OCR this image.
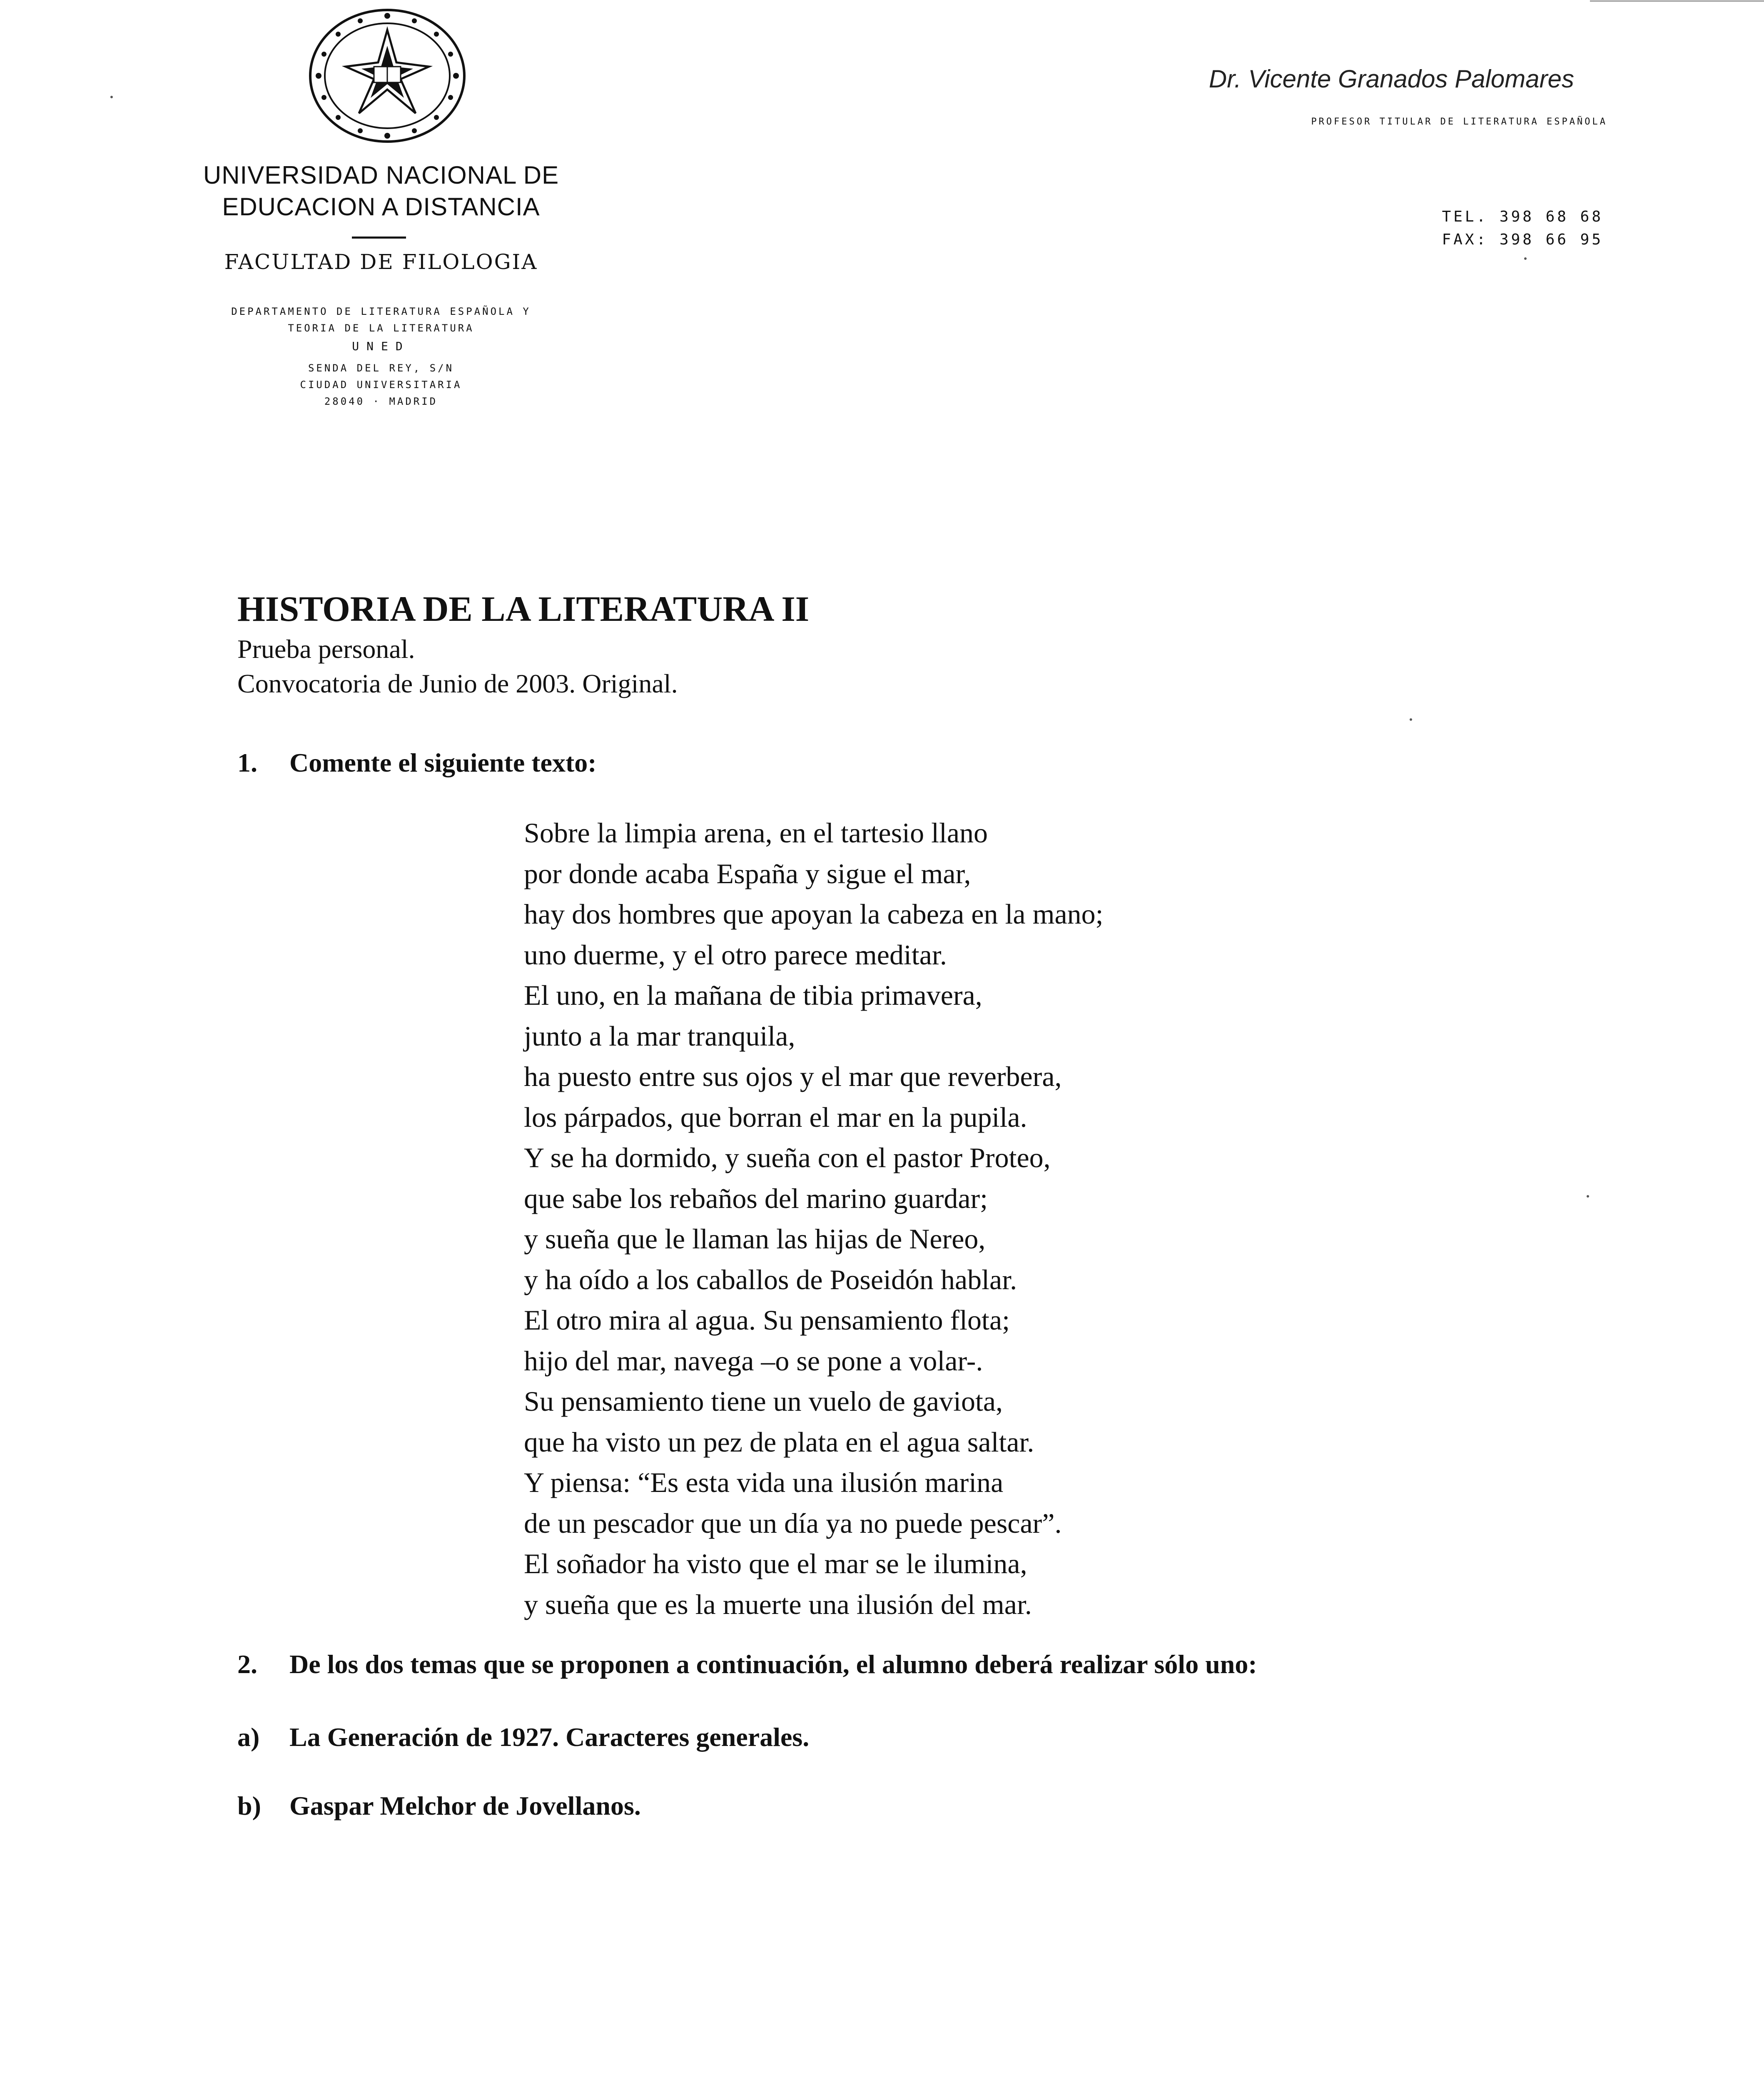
UNIVERSIDAD NACIONAL DE
EDUCACION A DISTANCIA
FACULTAD DE FILOLOGIA
DEPARTAMENTO DE LITERATURA ESPAÑOLA Y
TEORIA DE LA LITERATURA
UNED
SENDA DEL REY, S/N
CIUDAD UNIVERSITARIA
28040 · MADRID
Dr. Vicente Granados Palomares
PROFESOR TITULAR DE LITERATURA ESPAÑOLA
TEL. 398 68 68
FAX: 398 66 95
HISTORIA DE LA LITERATURA II
Prueba personal.
Convocatoria de Junio de 2003. Original.
1. Comente el siguiente texto:
Sobre la limpia arena, en el tartesio llano
por donde acaba España y sigue el mar,
hay dos hombres que apoyan la cabeza en la mano;
uno duerme, y el otro parece meditar.
El uno, en la mañana de tibia primavera,
junto a la mar tranquila,
ha puesto entre sus ojos y el mar que reverbera,
los párpados, que borran el mar en la pupila.
Y se ha dormido, y sueña con el pastor Proteo,
que sabe los rebaños del marino guardar;
y sueña que le llaman las hijas de Nereo,
y ha oído a los caballos de Poseidón hablar.
El otro mira al agua. Su pensamiento flota;
hijo del mar, navega –o se pone a volar-.
Su pensamiento tiene un vuelo de gaviota,
que ha visto un pez de plata en el agua saltar.
Y piensa: “Es esta vida una ilusión marina
de un pescador que un día ya no puede pescar”.
El soñador ha visto que el mar se le ilumina,
y sueña que es la muerte una ilusión del mar.
2. De los dos temas que se proponen a continuación, el alumno deberá realizar sólo uno:
a) La Generación de 1927. Caracteres generales.
b) Gaspar Melchor de Jovellanos.
